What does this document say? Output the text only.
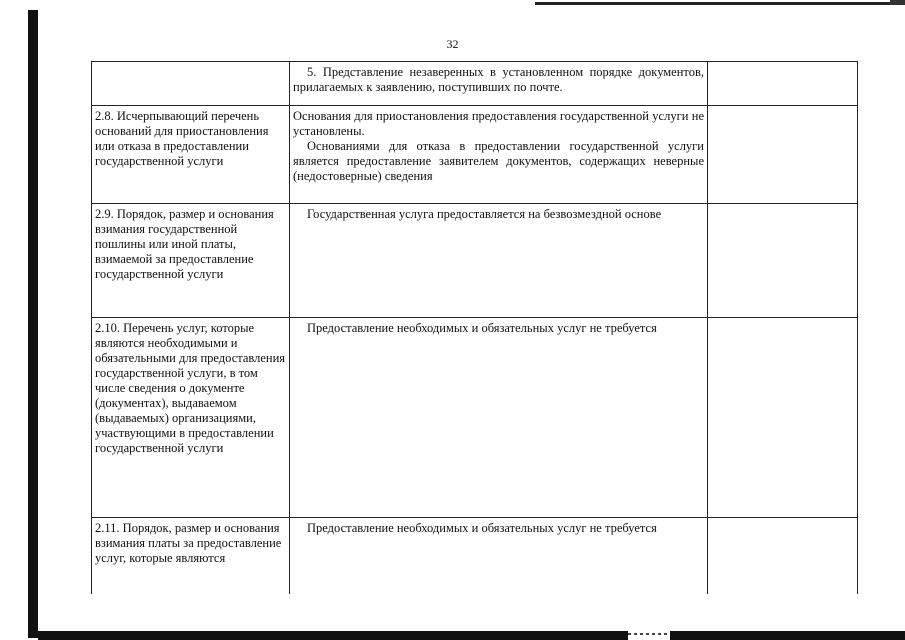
32

	5. Представление незаверенных в установленном порядке документов, прилагаемых к заявлению, поступивших по почте.	

2.8. Исчерпывающий перечень оснований для приостановления или отказа в предоставлении государственной услуги	Основания для приостановления предоставления государственной услуги не установлены.

Основаниями для отказа в предоставлении государственной услуги является предоставление заявителем документов, содержащих неверные (недостоверные) сведения	

2.9. Порядок, размер и основания взимания государственной пошлины или иной платы, взимаемой за предоставление государственной услуги	Государственная услуга предоставляется на безвозмездной основе	

2.10. Перечень услуг, которые являются необходимыми и обязательными для предоставления государственной услуги, в том числе сведения о документе (документах), выдаваемом (выдаваемых) организациями, участвующими в предоставлении государственной услуги	Предоставление необходимых и обязательных услуг не требуется	

2.11. Порядок, размер и основания взимания платы за предоставление услуг, которые являются	Предоставление необходимых и обязательных услуг не требуется	
